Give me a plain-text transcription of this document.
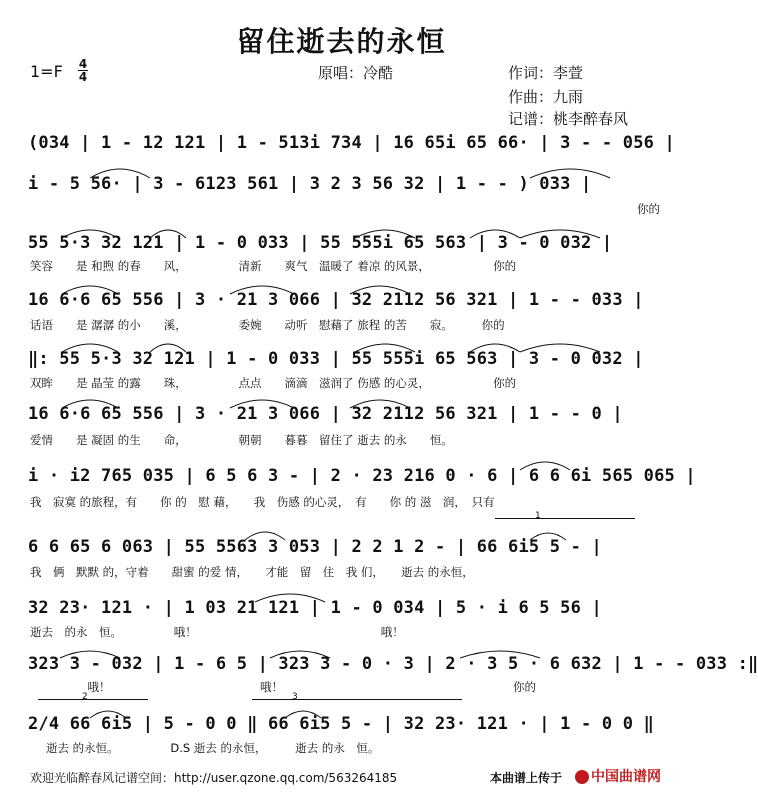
留住逝去的永恒
1=F 4
4	原唱：冷酷	作词：李萱
作曲：九雨
记谱：桃李醉春风
(034 | 1 - 12 121 | 1 - 513i 734 | 16 65i 65 66· | 3 - - 056 |
i - 5 56· | 3 - 6123 561 | 3 2 3 56 32 | 1 - - ) 033 |
你的
55 5·3 32 121 | 1 - 0 033 | 55 555i 65 563 | 3 - 0 032 |
笑容　　是 和煦 的春　　风，　　　　　清新　　爽气　温暖了 着凉 的风景，　　　　　　你的
16 6·6 65 556 | 3 · 21 3 066 | 32 2112 56 321 | 1 - - 033 |
话语　　是 潺潺 的小　　溪，　　　　　委婉　　动听　慰藉了 旅程 的苦　　寂。　　　你的
‖: 55 5·3 32 121 | 1 - 0 033 | 55 555i 65 563 | 3 - 0 032 |
双眸　　是 晶莹 的露　　珠，　　　　　点点　　滴滴　滋润了 伤感 的心灵，　　　　　　你的
16 6·6 65 556 | 3 · 21 3 066 | 32 2112 56 321 | 1 - - 0 |
爱情　　是 凝固 的生　　命，　　　　　朝朝　　暮暮　留住了 逝去 的永　　恒。
i · i2 765 035 | 6 5 6 3 - | 2 · 23 216 0 · 6 | 6 6 6i 565 065 |
我　寂寞 的旅程，有　　你 的　慰 藉，　　我　伤感 的心灵，　有　　你 的 滋　润，　只有
1
6 6 65 6 063 | 55 5563 3 053 | 2 2 1 2 - | 66 6i5 5 - |
我　俩　默默 的，守着　　甜蜜 的爱 情，　　才能　留　住　我 们，　　逝去 的永恒，
32 23· 121 · | 1 03 21 121 | 1 - 0 034 | 5 · i 6 5 56 |
逝去　的永　恒。　　　　　哦！　　　　　　　　　　　　　　　　哦！
323 3 - 032 | 1 - 6 5 | 323 3 - 0 · 3 | 2 · 3 5 · 6 632 | 1 - - 033 :‖
　　　　　哦！　　　　　　　　　　　　　哦！　　　　　　　　　　　　　　　　　　　　你的
2	3
2/4 66 6i5 | 5 - 0 0 ‖ 66 6i5 5 - | 32 23· 121 · | 1 - 0 0 ‖
逝去 的永恒。　　　　　D.S 逝去 的永恒，　　　逝去 的永　恒。
欢迎光临醉春风记谱空间：http://user.qzone.qq.com/563264185	本曲谱上传于	中国曲谱网
